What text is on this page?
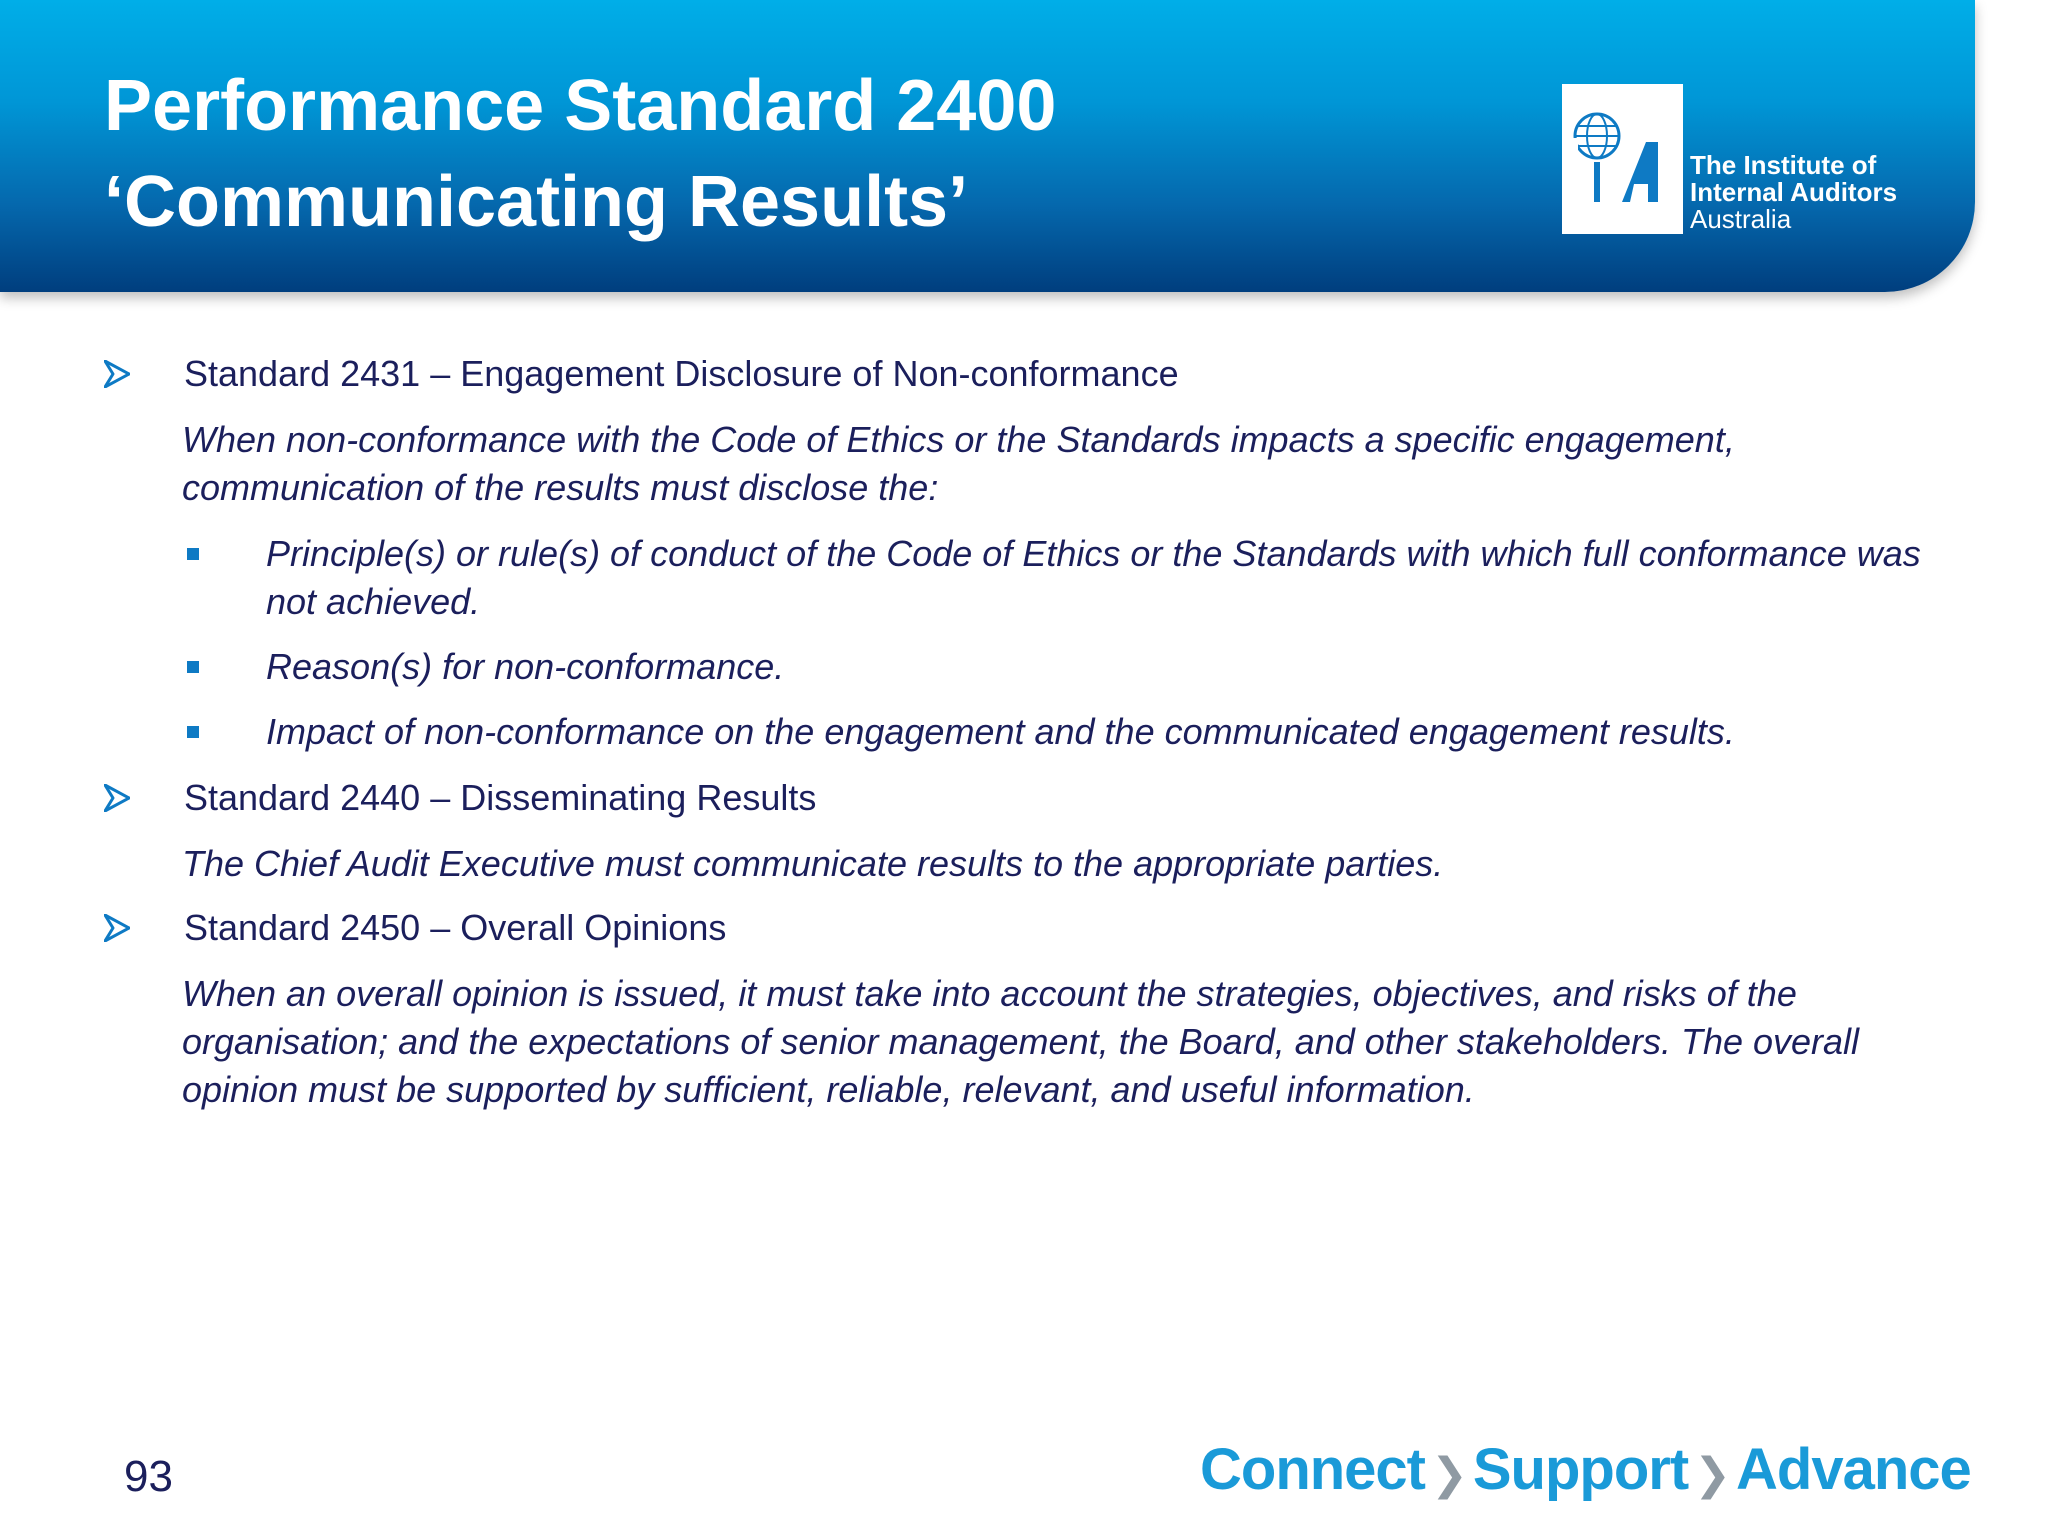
Performance Standard 2400
‘Communicating Results’	The Institute of
Internal Auditors
Australia
Standard 2431 – Engagement Disclosure of Non-conformance
When non-conformance with the Code of Ethics or the Standards impacts a specific engagement,
communication of the results must disclose the:
Principle(s) or rule(s) of conduct of the Code of Ethics or the Standards with which full conformance was
not achieved.
Reason(s) for non-conformance.
Impact of non-conformance on the engagement and the communicated engagement results.
Standard 2440 – Disseminating Results
The Chief Audit Executive must communicate results to the appropriate parties.
Standard 2450 – Overall Opinions
When an overall opinion is issued, it must take into account the strategies, objectives, and risks of the
organisation; and the expectations of senior management, the Board, and other stakeholders. The overall
opinion must be supported by sufficient, reliable, relevant, and useful information.
93	Connect ❯ Support ❯ Advance
